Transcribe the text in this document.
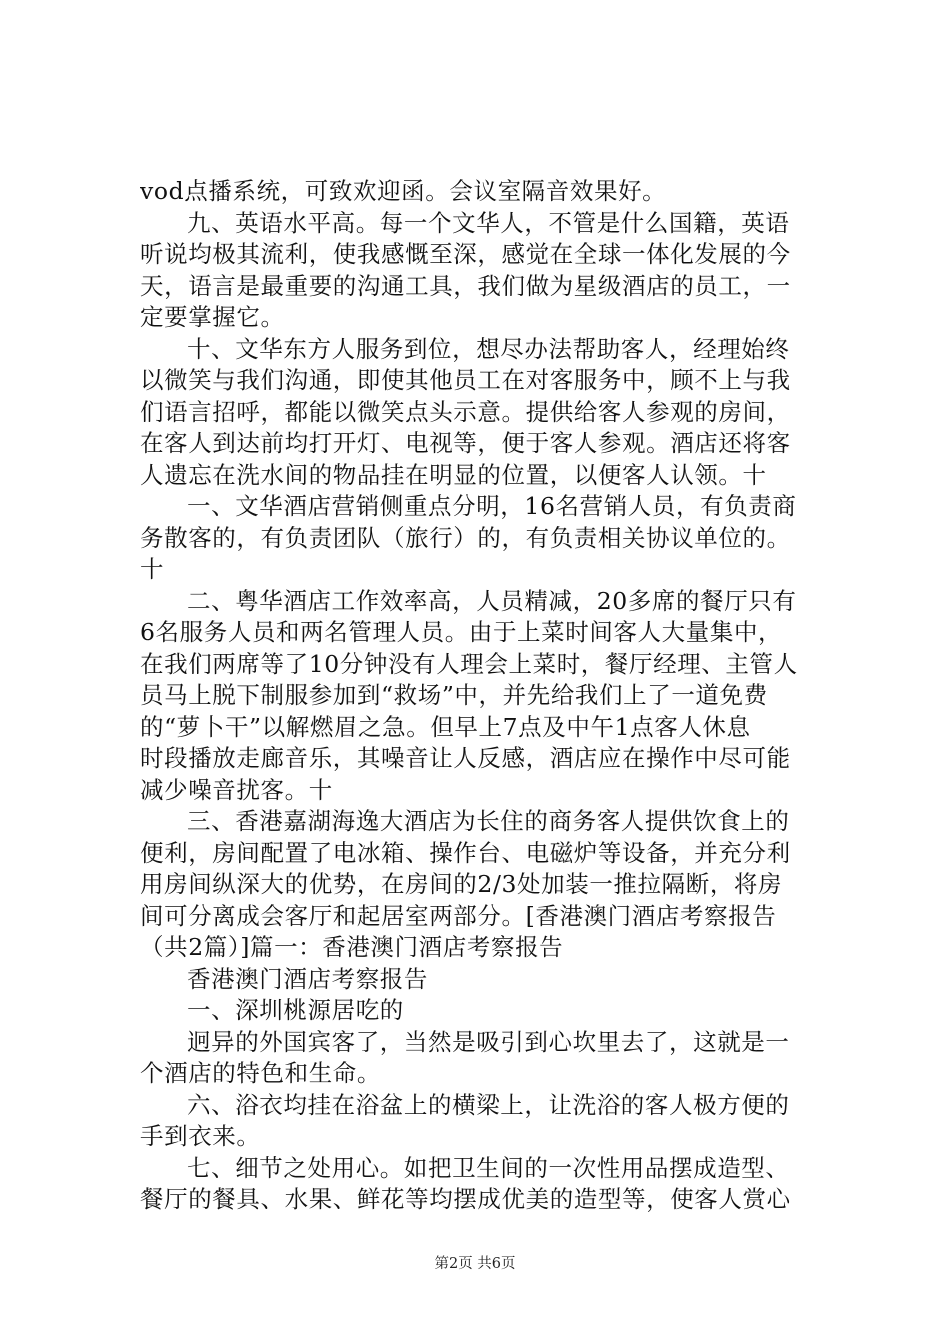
vod点播系统，可致欢迎函。会议室隔音效果好。
九、英语水平高。每一个文华人，不管是什么国籍，英语
听说均极其流利，使我感慨至深，感觉在全球一体化发展的今
天，语言是最重要的沟通工具，我们做为星级酒店的员工，一
定要掌握它。
十、文华东方人服务到位，想尽办法帮助客人，经理始终
以微笑与我们沟通，即使其他员工在对客服务中，顾不上与我
们语言招呼，都能以微笑点头示意。提供给客人参观的房间，
在客人到达前均打开灯、电视等，便于客人参观。酒店还将客
人遗忘在洗水间的物品挂在明显的位置，以便客人认领。十
一、文华酒店营销侧重点分明，16名营销人员，有负责商
务散客的，有负责团队（旅行）的，有负责相关协议单位的。
十
二、粤华酒店工作效率高，人员精减，20多席的餐厅只有
6名服务人员和两名管理人员。由于上菜时间客人大量集中，
在我们两席等了10分钟没有人理会上菜时，餐厅经理、主管人
员马上脱下制服参加到“救场”中，并先给我们上了一道免费
的“萝卜干”以解燃眉之急。但早上7点及中午1点客人休息
时段播放走廊音乐，其噪音让人反感，酒店应在操作中尽可能
减少噪音扰客。十
三、香港嘉湖海逸大酒店为长住的商务客人提供饮食上的
便利，房间配置了电冰箱、操作台、电磁炉等设备，并充分利
用房间纵深大的优势，在房间的2/3处加装一推拉隔断，将房
间可分离成会客厅和起居室两部分。[香港澳门酒店考察报告
（共2篇）]篇一：香港澳门酒店考察报告
香港澳门酒店考察报告
一、深圳桃源居吃的
迥异的外国宾客了，当然是吸引到心坎里去了，这就是一
个酒店的特色和生命。
六、浴衣均挂在浴盆上的横梁上，让洗浴的客人极方便的
手到衣来。
七、细节之处用心。如把卫生间的一次性用品摆成造型、
餐厅的餐具、水果、鲜花等均摆成优美的造型等，使客人赏心
第2页 共6页
